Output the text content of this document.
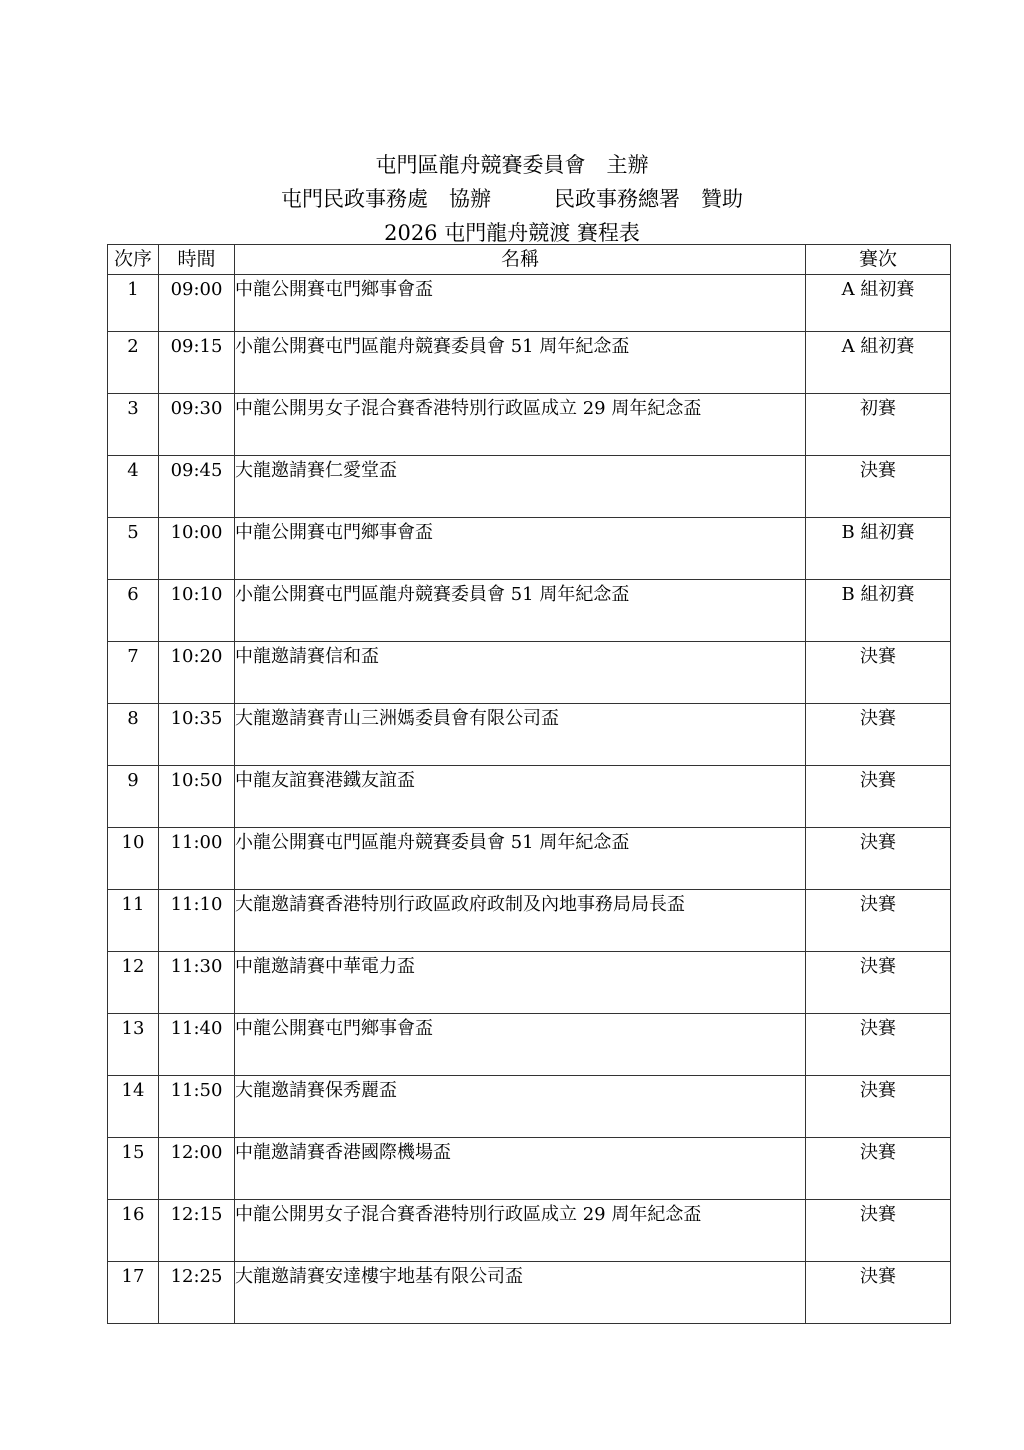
屯門區龍舟競賽委員會　主辦
屯門民政事務處　協辦　　　民政事務總署　贊助
2026 屯門龍舟競渡 賽程表
次序	時間	名稱	賽次
1	09:00	中龍公開賽屯門鄉事會盃	A 組初賽
2	09:15	小龍公開賽屯門區龍舟競賽委員會 51 周年紀念盃	A 組初賽
3	09:30	中龍公開男女子混合賽香港特別行政區成立 29 周年紀念盃	初賽
4	09:45	大龍邀請賽仁愛堂盃	決賽
5	10:00	中龍公開賽屯門鄉事會盃	B 組初賽
6	10:10	小龍公開賽屯門區龍舟競賽委員會 51 周年紀念盃	B 組初賽
7	10:20	中龍邀請賽信和盃	決賽
8	10:35	大龍邀請賽青山三洲媽委員會有限公司盃	決賽
9	10:50	中龍友誼賽港鐵友誼盃	決賽
10	11:00	小龍公開賽屯門區龍舟競賽委員會 51 周年紀念盃	決賽
11	11:10	大龍邀請賽香港特別行政區政府政制及內地事務局局長盃	決賽
12	11:30	中龍邀請賽中華電力盃	決賽
13	11:40	中龍公開賽屯門鄉事會盃	決賽
14	11:50	大龍邀請賽保秀麗盃	決賽
15	12:00	中龍邀請賽香港國際機場盃	決賽
16	12:15	中龍公開男女子混合賽香港特別行政區成立 29 周年紀念盃	決賽
17	12:25	大龍邀請賽安達樓宇地基有限公司盃	決賽
